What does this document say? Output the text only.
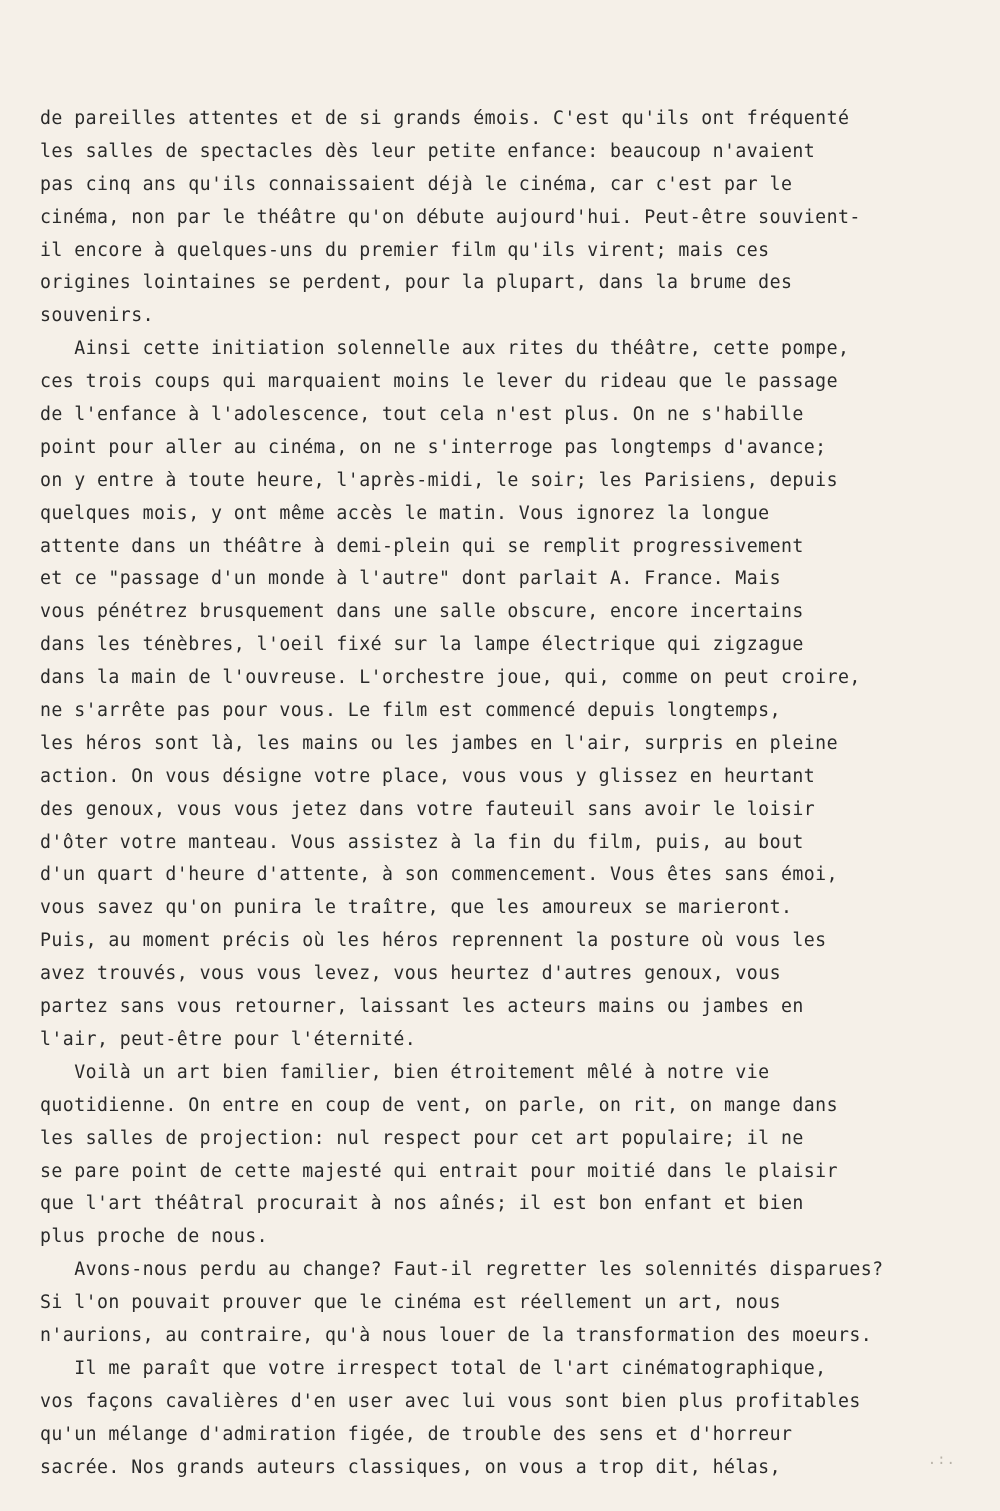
de pareilles attentes et de si grands émois. C'est qu'ils ont fréquenté
les salles de spectacles dès leur petite enfance: beaucoup n'avaient
pas cinq ans qu'ils connaissaient déjà le cinéma, car c'est par le
cinéma, non par le théâtre qu'on débute aujourd'hui. Peut-être souvient-
il encore à quelques-uns du premier film qu'ils virent; mais ces
origines lointaines se perdent, pour la plupart, dans la brume des
souvenirs.
Ainsi cette initiation solennelle aux rites du théâtre, cette pompe,
ces trois coups qui marquaient moins le lever du rideau que le passage
de l'enfance à l'adolescence, tout cela n'est plus. On ne s'habille
point pour aller au cinéma, on ne s'interroge pas longtemps d'avance;
on y entre à toute heure, l'après-midi, le soir; les Parisiens, depuis
quelques mois, y ont même accès le matin. Vous ignorez la longue
attente dans un théâtre à demi-plein qui se remplit progressivement
et ce "passage d'un monde à l'autre" dont parlait A. France. Mais
vous pénétrez brusquement dans une salle obscure, encore incertains
dans les ténèbres, l'oeil fixé sur la lampe électrique qui zigzague
dans la main de l'ouvreuse. L'orchestre joue, qui, comme on peut croire,
ne s'arrête pas pour vous. Le film est commencé depuis longtemps,
les héros sont là, les mains ou les jambes en l'air, surpris en pleine
action. On vous désigne votre place, vous vous y glissez en heurtant
des genoux, vous vous jetez dans votre fauteuil sans avoir le loisir
d'ôter votre manteau. Vous assistez à la fin du film, puis, au bout
d'un quart d'heure d'attente, à son commencement. Vous êtes sans émoi,
vous savez qu'on punira le traître, que les amoureux se marieront.
Puis, au moment précis où les héros reprennent la posture où vous les
avez trouvés, vous vous levez, vous heurtez d'autres genoux, vous
partez sans vous retourner, laissant les acteurs mains ou jambes en
l'air, peut-être pour l'éternité.
Voilà un art bien familier, bien étroitement mêlé à notre vie
quotidienne. On entre en coup de vent, on parle, on rit, on mange dans
les salles de projection: nul respect pour cet art populaire; il ne
se pare point de cette majesté qui entrait pour moitié dans le plaisir
que l'art théâtral procurait à nos aînés; il est bon enfant et bien
plus proche de nous.
Avons-nous perdu au change? Faut-il regretter les solennités disparues?
Si l'on pouvait prouver que le cinéma est réellement un art, nous
n'aurions, au contraire, qu'à nous louer de la transformation des moeurs.
Il me paraît que votre irrespect total de l'art cinématographique,
vos façons cavalières d'en user avec lui vous sont bien plus profitables
qu'un mélange d'admiration figée, de trouble des sens et d'horreur
sacrée. Nos grands auteurs classiques, on vous a trop dit, hélas,	.:.
